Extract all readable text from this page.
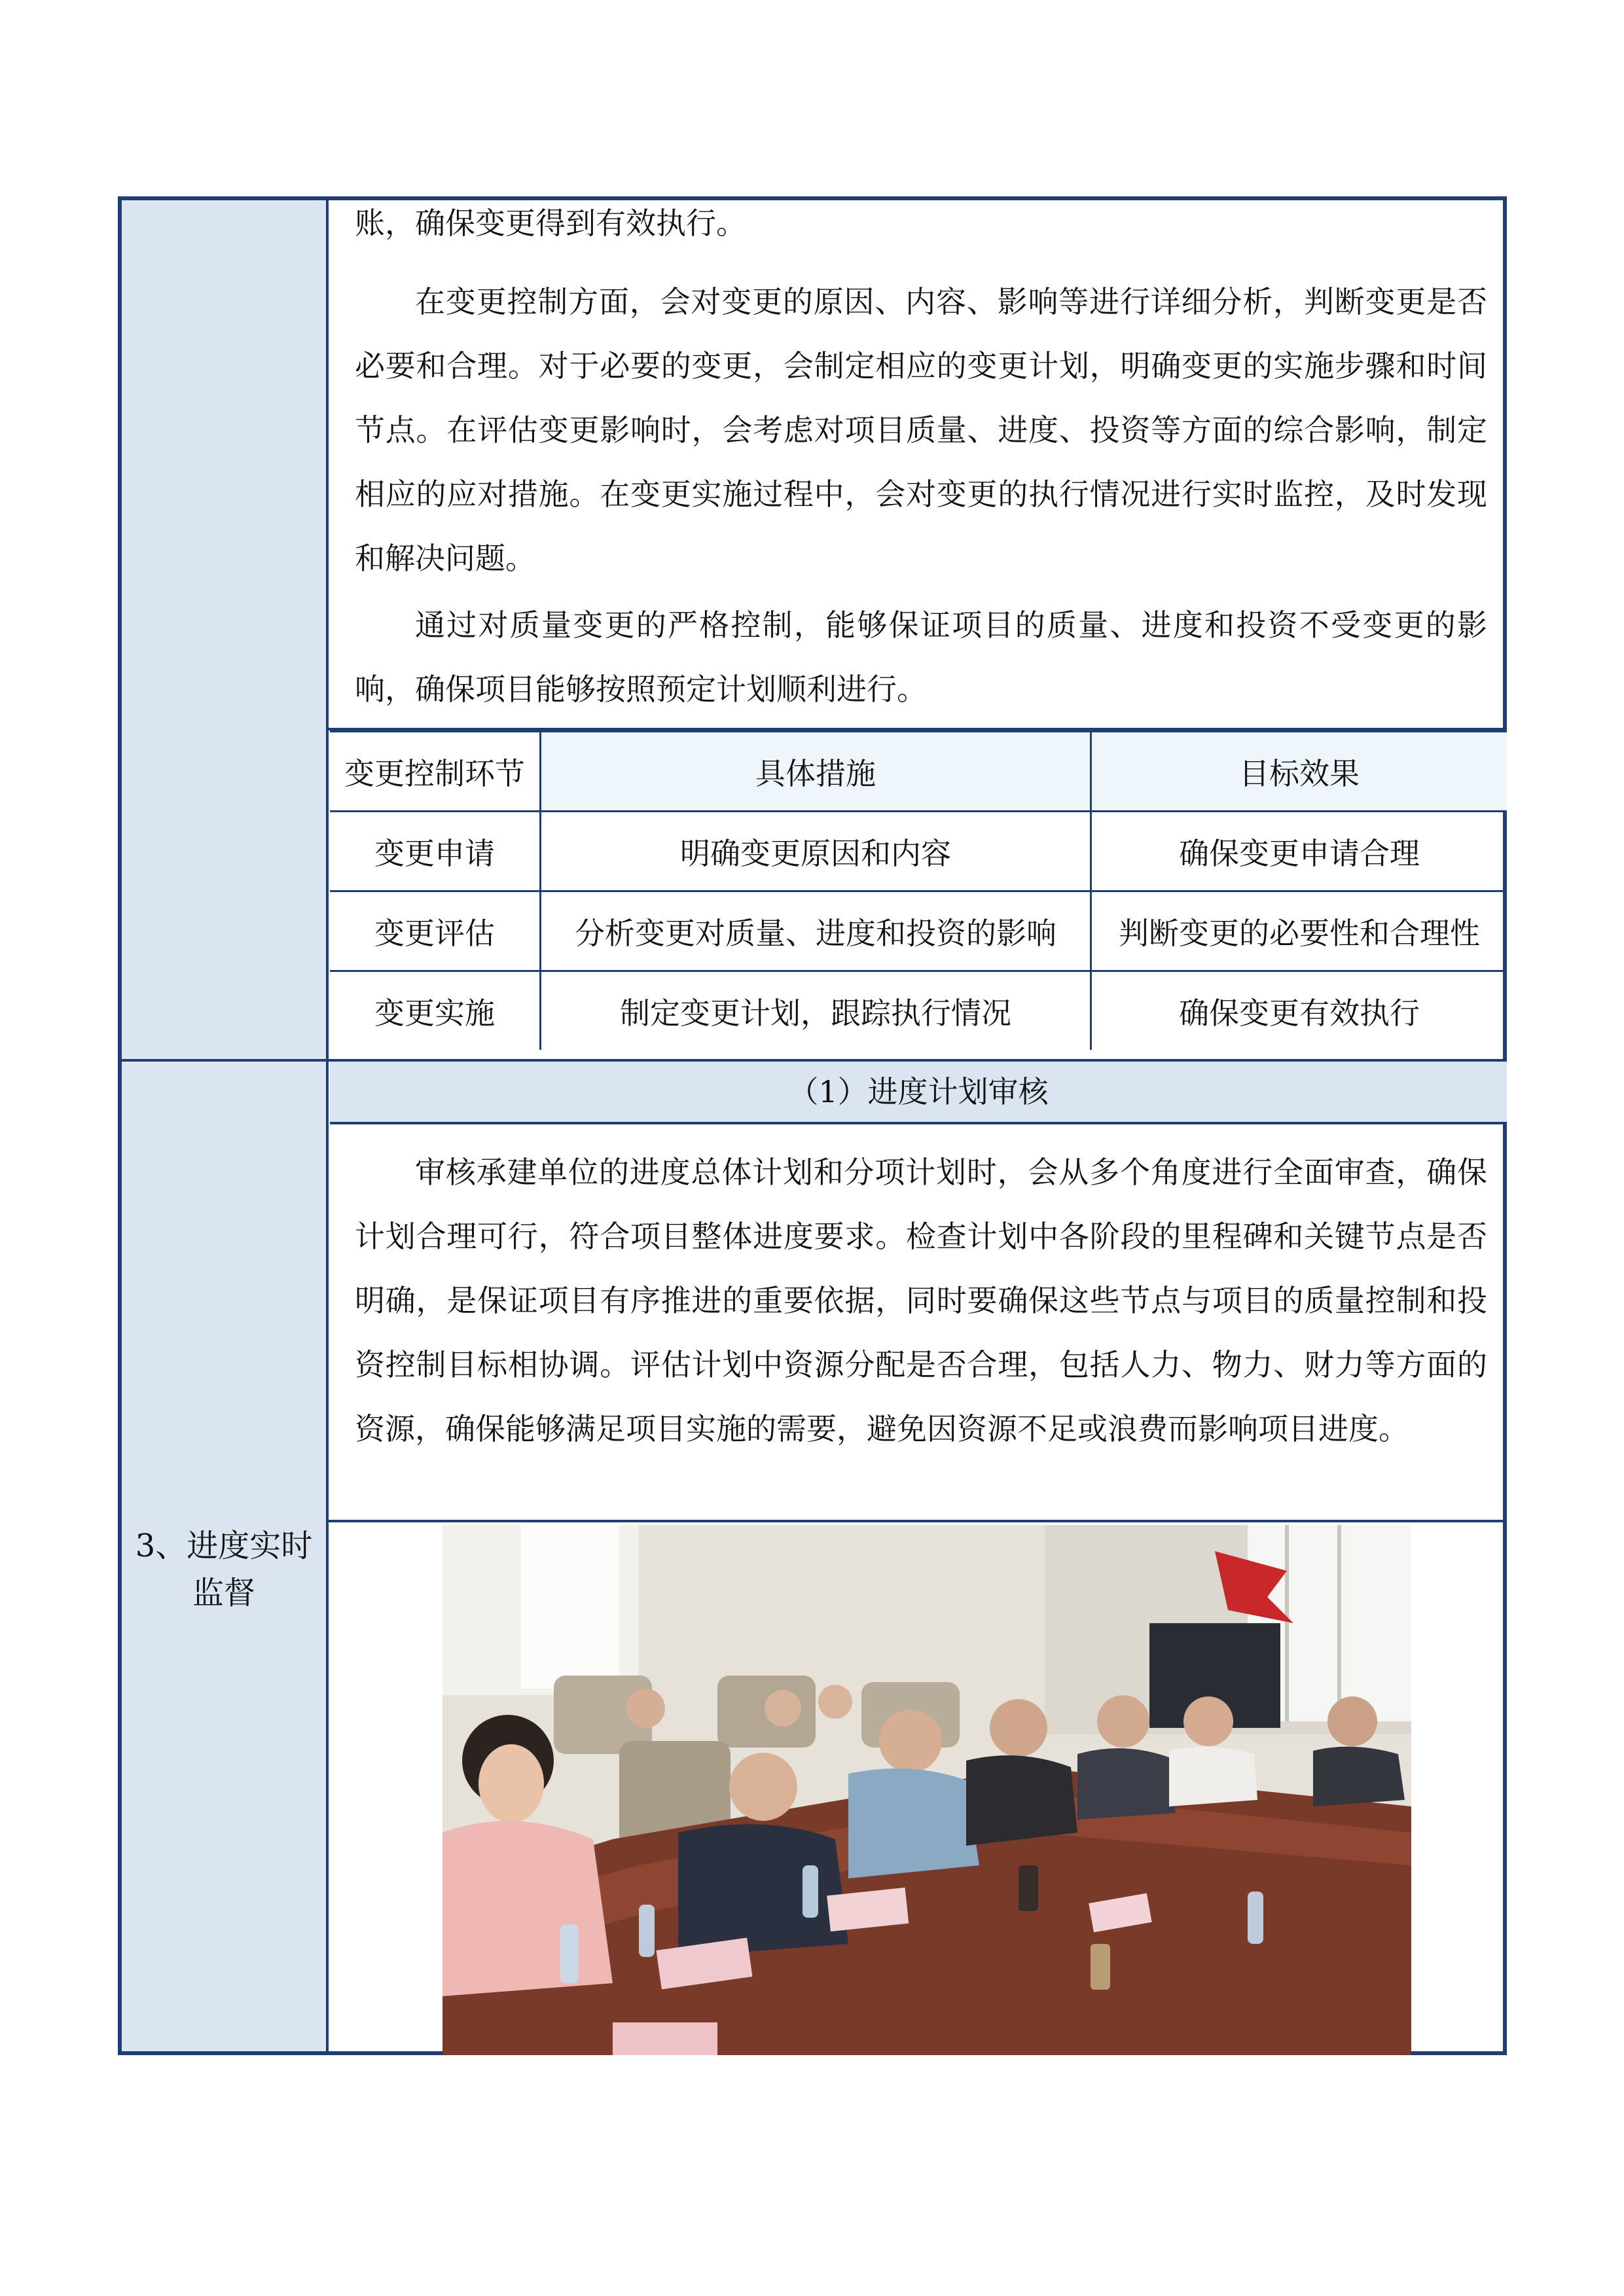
3、进度实时监督

账，确保变更得到有效执行。

在变更控制方面，会对变更的原因、内容、影响等进行详细分析，判断变更是否必要和合理。对于必要的变更，会制定相应的变更计划，明确变更的实施步骤和时间节点。在评估变更影响时，会考虑对项目质量、进度、投资等方面的综合影响，制定相应的应对措施。在变更实施过程中，会对变更的执行情况进行实时监控，及时发现和解决问题。

通过对质量变更的严格控制，能够保证项目的质量、进度和投资不受变更的影响，确保项目能够按照预定计划顺利进行。

变更控制环节	具体措施	目标效果
变更申请	明确变更原因和内容	确保变更申请合理
变更评估	分析变更对质量、进度和投资的影响	判断变更的必要性和合理性
变更实施	制定变更计划，跟踪执行情况	确保变更有效执行
（1）进度计划审核

审核承建单位的进度总体计划和分项计划时，会从多个角度进行全面审查，确保计划合理可行，符合项目整体进度要求。检查计划中各阶段的里程碑和关键节点是否明确，是保证项目有序推进的重要依据，同时要确保这些节点与项目的质量控制和投资控制目标相协调。评估计划中资源分配是否合理，包括人力、物力、财力等方面的资源，确保能够满足项目实施的需要，避免因资源不足或浪费而影响项目进度。
